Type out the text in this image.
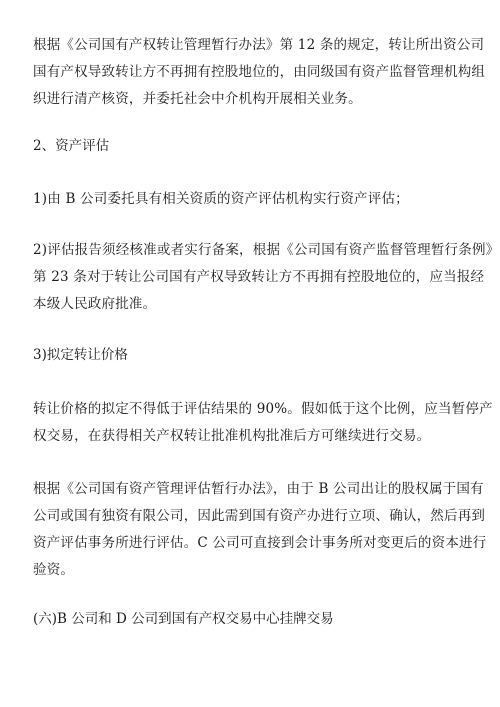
根据《公司国有产权转让管理暂行办法》第 12 条的规定，转让所出资公司
国有产权导致转让方不再拥有控股地位的，由同级国有资产监督管理机构组
织进行清产核资，并委托社会中介机构开展相关业务。

2、资产评估

1)由 B 公司委托具有相关资质的资产评估机构实行资产评估；

2)评估报告须经核准或者实行备案，根据《公司国有资产监督管理暂行条例》
第 23 条对于转让公司国有产权导致转让方不再拥有控股地位的，应当报经
本级人民政府批准。

3)拟定转让价格

转让价格的拟定不得低于评估结果的 90%。假如低于这个比例，应当暂停产
权交易，在获得相关产权转让批准机构批准后方可继续进行交易。

根据《公司国有资产管理评估暂行办法》，由于 B 公司出让的股权属于国有
公司或国有独资有限公司，因此需到国有资产办进行立项、确认，然后再到
资产评估事务所进行评估。C 公司可直接到会计事务所对变更后的资本进行
验资。

(六)B 公司和 D 公司到国有产权交易中心挂牌交易
